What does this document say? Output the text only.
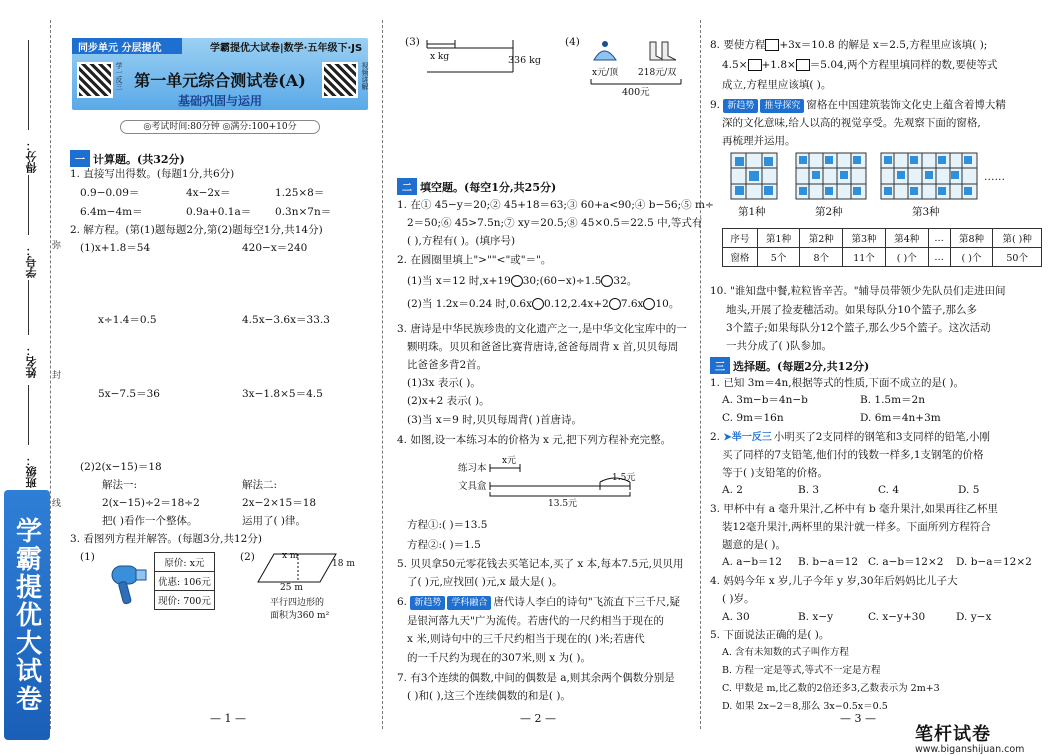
得分：
学号：
姓名：
班级：
弥
封
线
学霸提优大试卷
同步单元 分层提优	学霸提优大试卷|数学·五年级下·JS
学一反三	视频讲解
第一单元综合测试卷(A)
基础巩固与运用
◎考试时间:80分钟 ◎满分:100+10分
一 计算题。(共32分)
1. 直接写出得数。(每题1分,共6分)
0.9−0.09＝	4x−2x＝	1.25×8＝
6.4m−4m＝	0.9a+0.1a＝ 0.3n×7n＝
2. 解方程。(第(1)题每题2分,第(2)题每空1分,共14分)
(1)x+1.8＝54	420−x＝240
x÷1.4＝0.5	4.5x−3.6x＝33.3
5x−7.5＝36	3x−1.8×5＝4.5
(2)2(x−15)＝18
解法一:	解法二:
2(x−15)÷2＝18÷2	2x−2×15＝18
把( )看作一个整体。	运用了( )律。
3. 看图列方程并解答。(每题3分,共12分)
(1)
原价: x元
优惠: 106元
现价: 700元
(2)	x m
18 m
25 m
平行四边形的
面积为360 m²
— 1 —
(3)
x kg	336 kg
(4)
x元/顶 218元/双
400元
二 填空题。(每空1分,共25分)
1. 在① 45−y＝20;② 45+18＝63;③ 60+a<90;④ b−56;⑤ m÷
2＝50;⑥ 45>7.5n;⑦ xy＝20.5;⑧ 45×0.5＝22.5 中,等式有
( ),方程有( )。(填序号)
2. 在圆圈里填上">""<"或"＝"。
(1)当 x＝12 时,x+19 30;(60−x)÷1.5 32。
(2)当 1.2x＝0.24 时,0.6x 0.12,2.4x+2 7.6x 10。
3. 唐诗是中华民族珍贵的文化遗产之一,是中华文化宝库中的一
颗明珠。贝贝和爸爸比赛背唐诗,爸爸每周背 x 首,贝贝每周
比爸爸多背2首。
(1)3x 表示( )。
(2)x+2 表示( )。
(3)当 x＝9 时,贝贝每周背( )首唐诗。
4. 如图,设一本练习本的价格为 x 元,把下列方程补充完整。
练习本
文具盒
x元
1.5元
13.5元
方程①:( )＝13.5
方程②:( )＝1.5
5. 贝贝拿50元零花钱去买笔记本,买了 x 本,每本7.5元,贝贝用
了( )元,应找回( )元,x 最大是( )。
6. 新趋势 学科融合 唐代诗人李白的诗句"飞流直下三千尺,疑
是银河落九天"广为流传。若唐代的一尺约相当于现在的
x 米,则诗句中的三千尺约相当于现在的( )米;若唐代
的一千尺约为现在的307米,则 x 为( )。
7. 有3个连续的偶数,中间的偶数是 a,则其余两个偶数分别是
( )和( ),这三个连续偶数的和是( )。
— 2 —
8. 要使方程 +3x＝10.8 的解是 x＝2.5,方程里应该填( );
4.5× +1.8× ＝5.04,两个方程里填同样的数,要使等式
成立,方程里应该填( )。
9. 新趋势 推导探究 窗格在中国建筑装饰文化史上蕴含着博大精
深的文化意味,给人以高的视觉享受。先观察下面的窗格,
再梳理并运用。
……
第1种	第2种	第3种
序号	第1种	第2种	第3种	第4种	…	第8种	第( )种
窗格	5个	8个	11个	( )个	…	( )个	50个
10. "谁知盘中餐,粒粒皆辛苦。"辅导员带领少先队员们走进田间
地头,开展了捡麦穗活动。如果每队分10个篮子,那么多
3个篮子;如果每队分12个篮子,那么少5个篮子。这次活动
一共分成了( )队参加。
三 选择题。(每题2分,共12分)
1. 已知 3m＝4n,根据等式的性质,下面不成立的是( )。
A. 3m−b＝4n−b	B. 1.5m＝2n
C. 9m＝16n	D. 6m＝4n+3m
2. ➤举一反三 小明买了2支同样的钢笔和3支同样的铅笔,小刚
买了同样的7支铅笔,他们付的钱数一样多,1支钢笔的价格
等于( )支铅笔的价格。
A. 2	B. 3	C. 4	D. 5
3. 甲杯中有 a 毫升果汁,乙杯中有 b 毫升果汁,如果再往乙杯里
装12毫升果汁,两杯里的果汁就一样多。下面所列方程符合
题意的是( )。
A. a−b＝12 B. b−a＝12 C. a−b＝12×2 D. b−a＝12×2
4. 妈妈今年 x 岁,儿子今年 y 岁,30年后妈妈比儿子大
( )岁。
A. 30	B. x−y	C. x−y+30	D. y−x
5. 下面说法正确的是( )。
A. 含有未知数的式子叫作方程
B. 方程一定是等式,等式不一定是方程
C. 甲数是 m,比乙数的2倍还多3,乙数表示为 2m+3
D. 如果 2x−2＝8,那么 3x−0.5x＝0.5
— 3 —
笔杆试卷
www.biganshijuan.com
